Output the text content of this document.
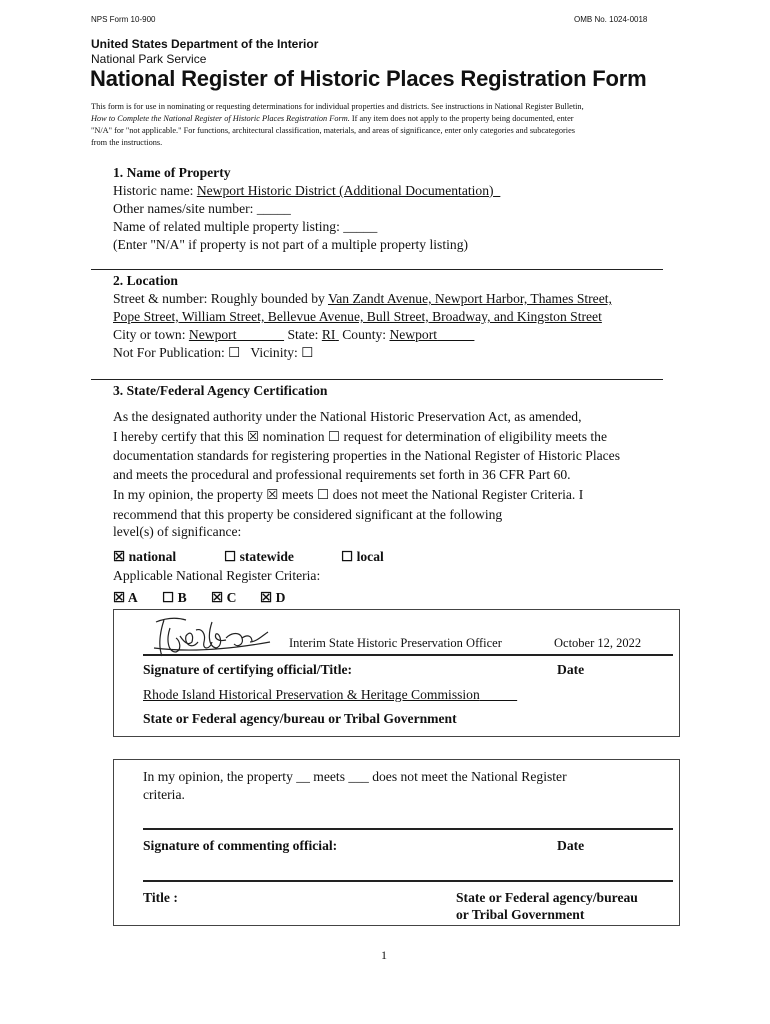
NPS Form 10-900	OMB No. 1024-0018
United States Department of the Interior
National Park Service
National Register of Historic Places Registration Form
This form is for use in nominating or requesting determinations for individual properties and districts. See instructions in National Register Bulletin,
How to Complete the National Register of Historic Places Registration Form. If any item does not apply to the property being documented, enter
"N/A" for "not applicable." For functions, architectural classification, materials, and areas of significance, enter only categories and subcategories
from the instructions.
1. Name of Property
Historic name: Newport Historic District (Additional Documentation)
Other names/site number: _____
Name of related multiple property listing: _____
(Enter "N/A" if property is not part of a multiple property listing)
2. Location
Street & number: Roughly bounded by Van Zandt Avenue, Newport Harbor, Thames Street,
Pope Street, William Street, Bellevue Avenue, Bull Street, Broadway, and Kingston Street
City or town: Newport	State: RI County: Newport
Not For Publication: ☐ Vicinity: ☐
3. State/Federal Agency Certification
As the designated authority under the National Historic Preservation Act, as amended,
I hereby certify that this ☒ nomination ☐ request for determination of eligibility meets the
documentation standards for registering properties in the National Register of Historic Places
and meets the procedural and professional requirements set forth in 36 CFR Part 60.
In my opinion, the property ☒ meets ☐ does not meet the National Register Criteria. I
recommend that this property be considered significant at the following
level(s) of significance:
☒ national	☐ statewide	☐ local
Applicable National Register Criteria:
☒ A ☐ B ☒ C ☒ D
Interim State Historic Preservation Officer	October 12, 2022
Signature of certifying official/Title:	Date
Rhode Island Historical Preservation & Heritage Commission
State or Federal agency/bureau or Tribal Government
In my opinion, the property __ meets ___ does not meet the National Register
criteria.
Signature of commenting official:	Date
Title :	State or Federal agency/bureau
or Tribal Government
1
